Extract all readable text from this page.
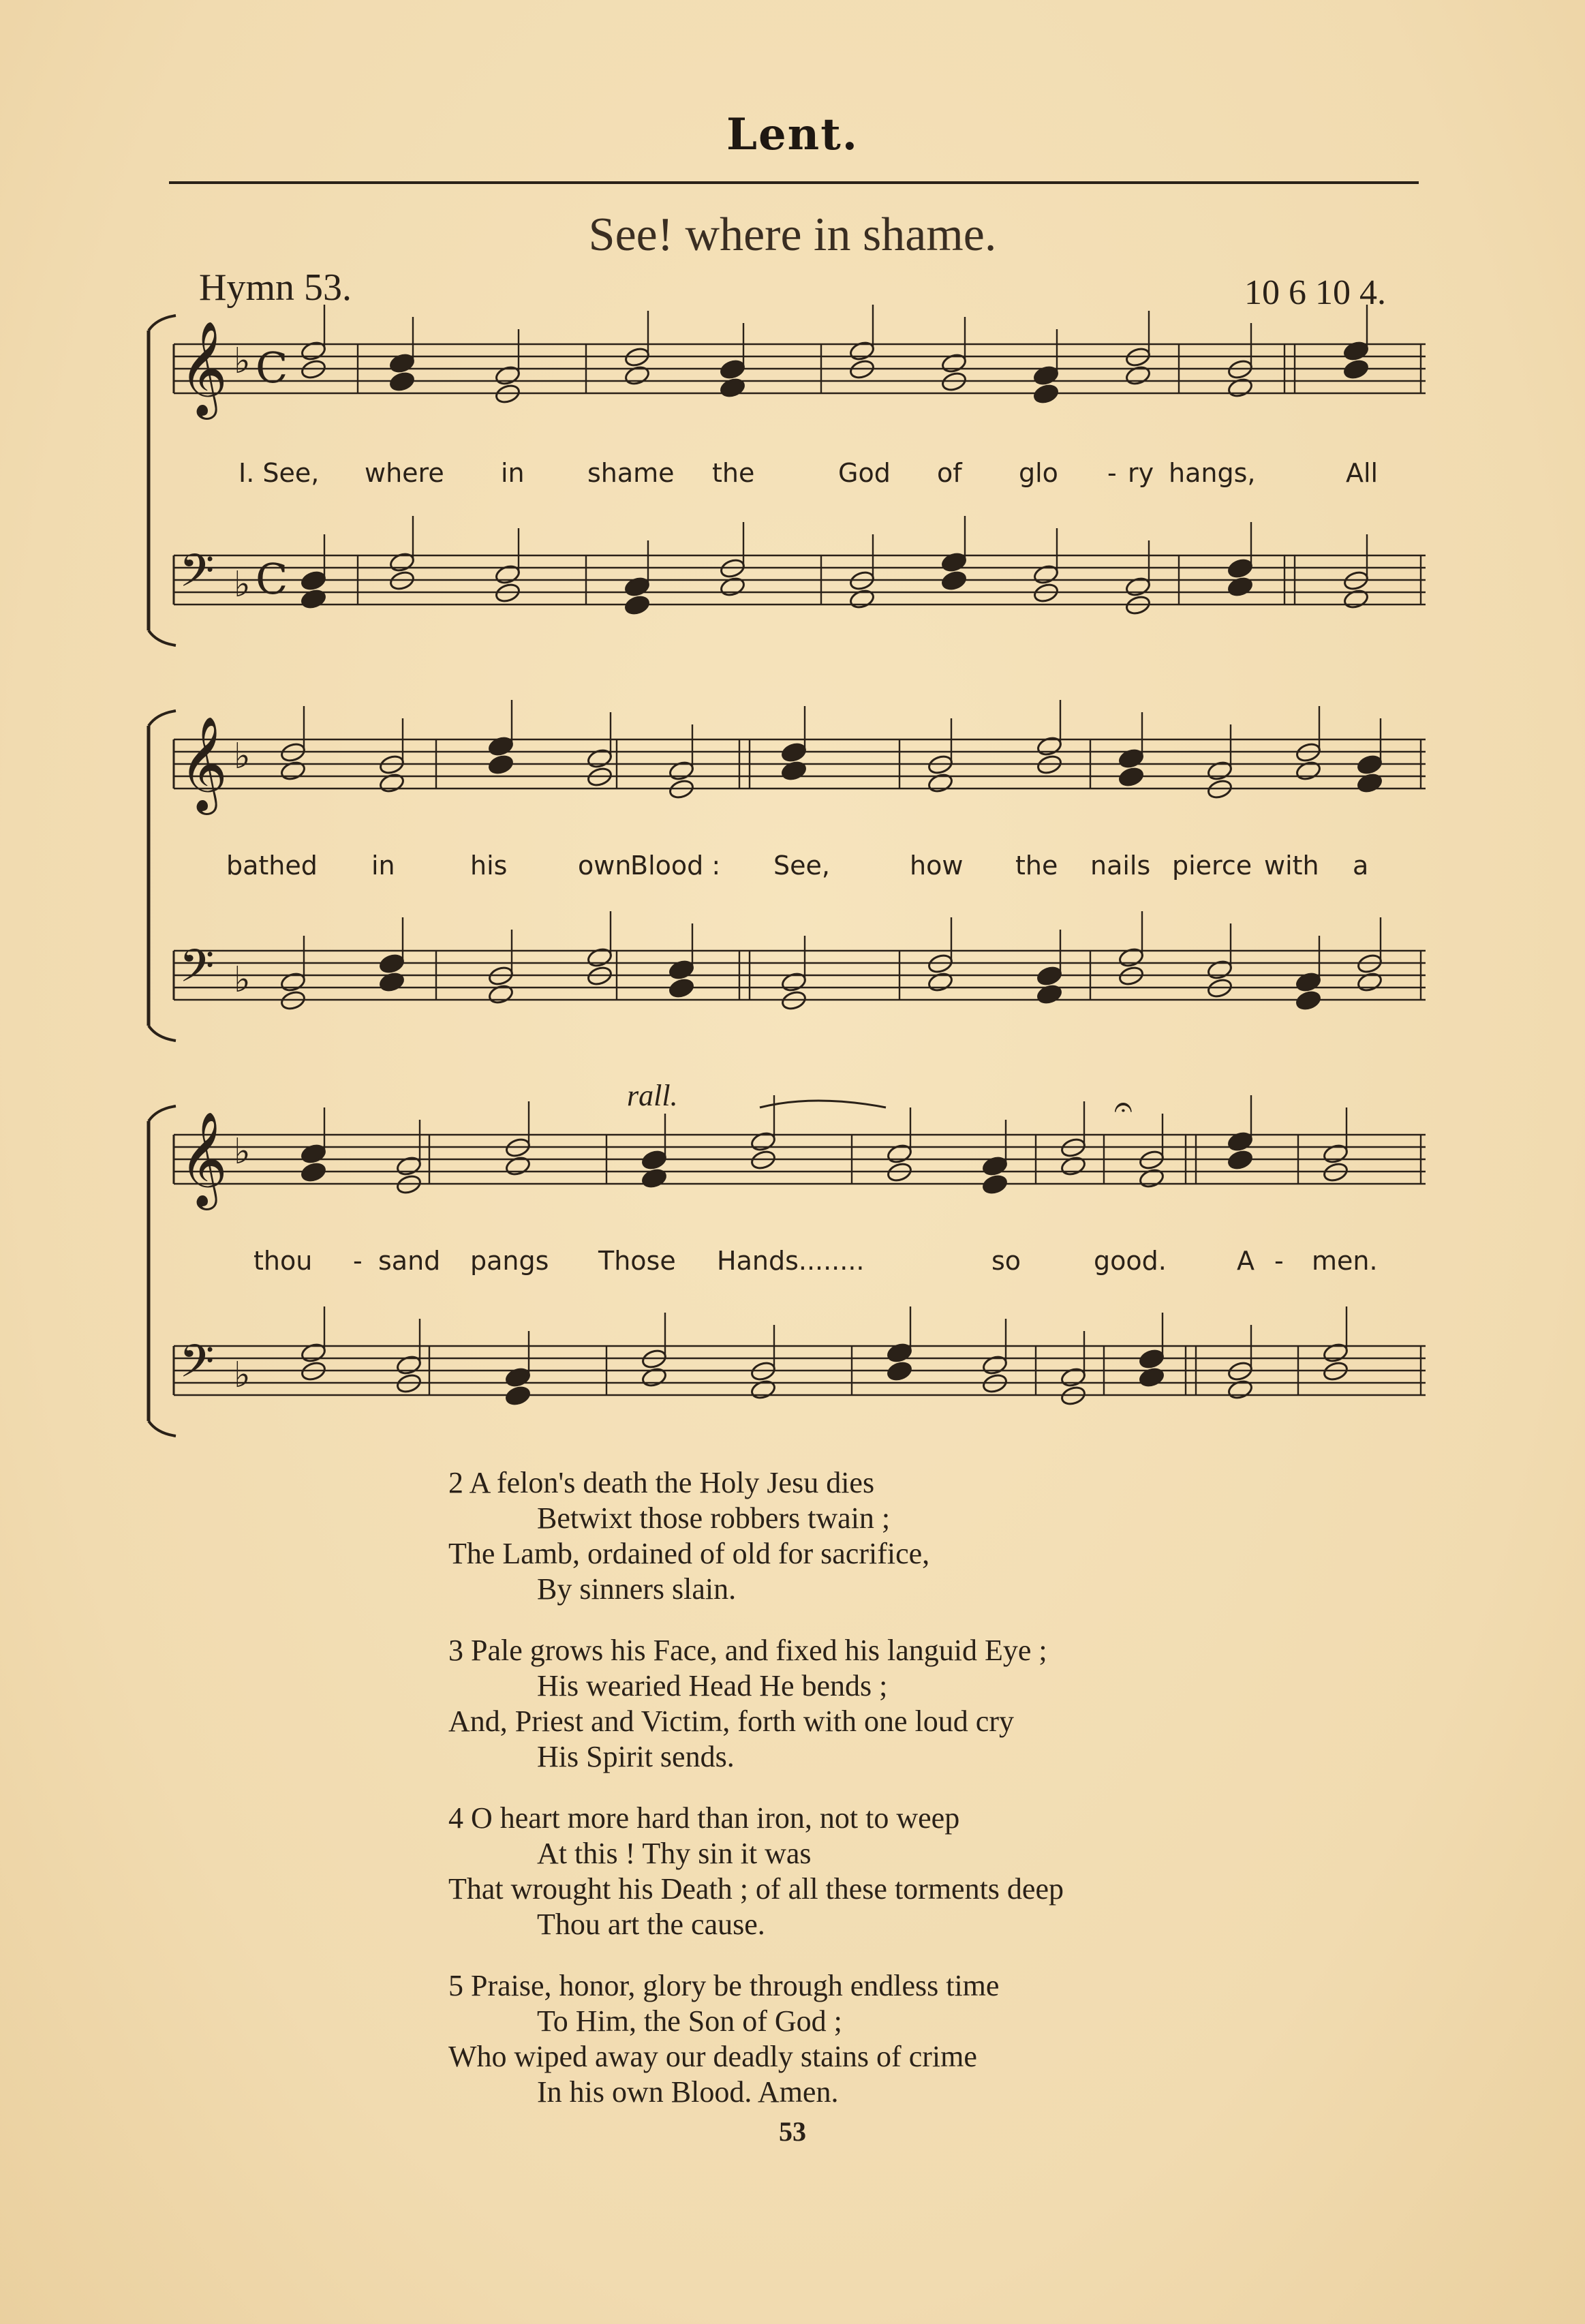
Lent.
See! where in shame.
Hymn 53.	10 6 10 4.
𝄞 ♭ C
𝄢 ♭ C
𝄞 ♭
𝄢 ♭
𝄞 ♭
𝄢 ♭
𝄐
rall.
I. See, where in shame the	God of glo - ry hangs,	All
bathed in	his	own
Blood : See,	how the nails pierce with a
thou - sand pangs Those Hands........	so	good.	A - men.
2 A felon's death the Holy Jesu dies
Betwixt those robbers twain ;
The Lamb, ordained of old for sacrifice,
By sinners slain.
3 Pale grows his Face, and fixed his languid Eye ;
His wearied Head He bends ;
And, Priest and Victim, forth with one loud cry
His Spirit sends.
4 O heart more hard than iron, not to weep
At this ! Thy sin it was
That wrought his Death ; of all these torments deep
Thou art the cause.
5 Praise, honor, glory be through endless time
To Him, the Son of God ;
Who wiped away our deadly stains of crime
In his own Blood. Amen.
53
